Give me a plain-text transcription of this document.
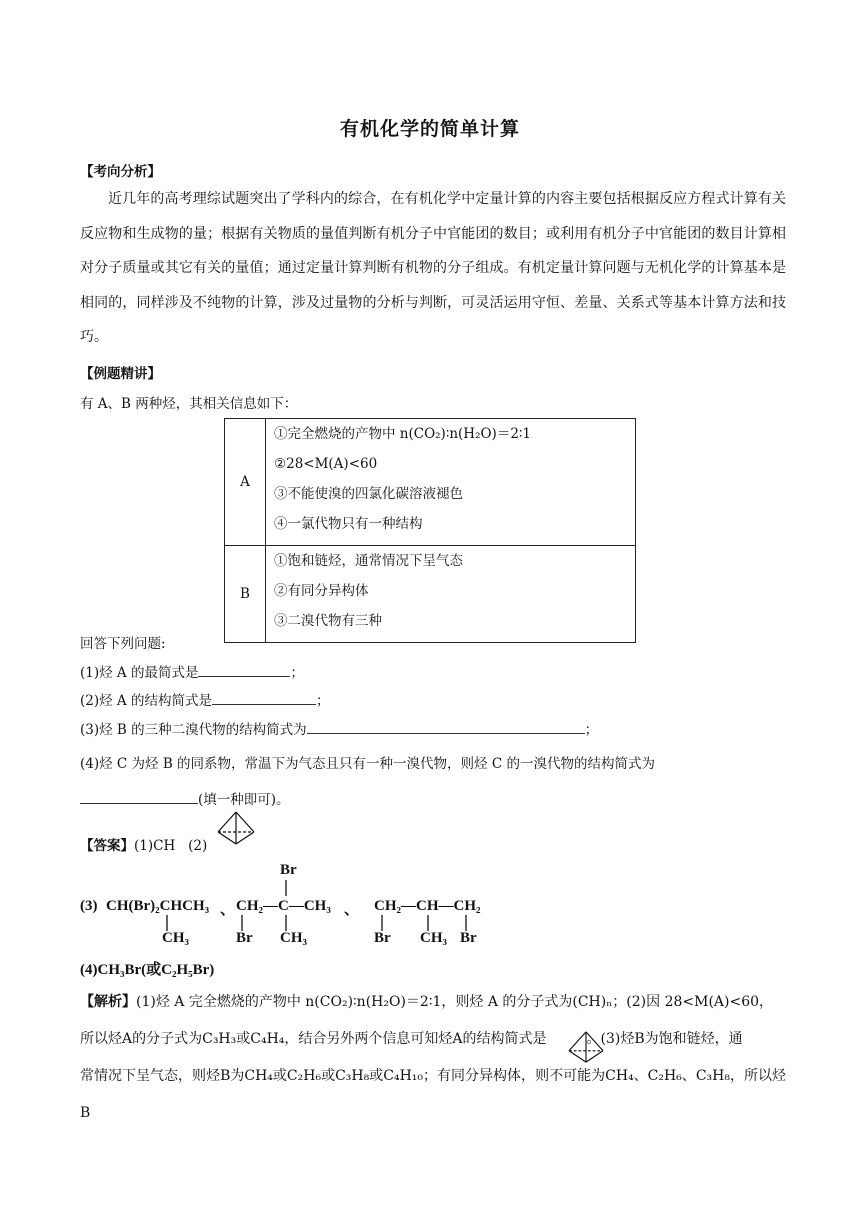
有机化学的简单计算
【考向分析】
近几年的高考理综试题突出了学科内的综合，在有机化学中定量计算的内容主要包括根据反应方程式计算有关反应物和生成物的量；根据有关物质的量值判断有机分子中官能团的数目；或利用有机分子中官能团的数目计算相对分子质量或其它有关的量值；通过定量计算判断有机物的分子组成。有机定量计算问题与无机化学的计算基本是相同的，同样涉及不纯物的计算，涉及过量物的分析与判断，可灵活运用守恒、差量、关系式等基本计算方法和技巧。
【例题精讲】
有 A、B 两种烃，其相关信息如下：
A	①完全燃烧的产物中 n(CO₂)∶n(H₂O)＝2∶1
②28<M(A)<60
③不能使溴的四氯化碳溶液褪色
④一氯代物只有一种结构

B	①饱和链烃，通常情况下呈气态
②有同分异构体
③二溴代物有三种
回答下列问题:
(1)烃 A 的最简式是	；
(2)烃 A 的结构简式是	；
(3)烃 B 的三种二溴代物的结构简式为	；
(4)烃 C 为烃 B 的同系物，常温下为气态且只有一种一溴代物，则烃 C 的一溴代物的结构简式为
(填一种即可)。
【答案】(1)CH (2)
(3) CH(Br)₂CHCH₃
CH₃
、
Br
CH₂—C—CH₃
Br CH₃
、 CH₂—CH—CH₂
Br CH₃ Br
(4)CH₃Br(或C₂H₅Br)
【解析】(1)烃 A 完全燃烧的产物中 n(CO₂)∶n(H₂O)＝2∶1，则烃 A 的分子式为(CH)ₙ；(2)因 28<M(A)<60，
所以烃A的分子式为C₃H₃或C₄H₄，结合另外两个信息可知烃A的结构简式是	。(3)烃B为饱和链烃，通
常情况下呈气态，则烃B为CH₄或C₂H₆或C₃H₈或C₄H₁₀；有同分异构体，则不可能为CH₄、C₂H₆、C₃H₈，所以烃B
